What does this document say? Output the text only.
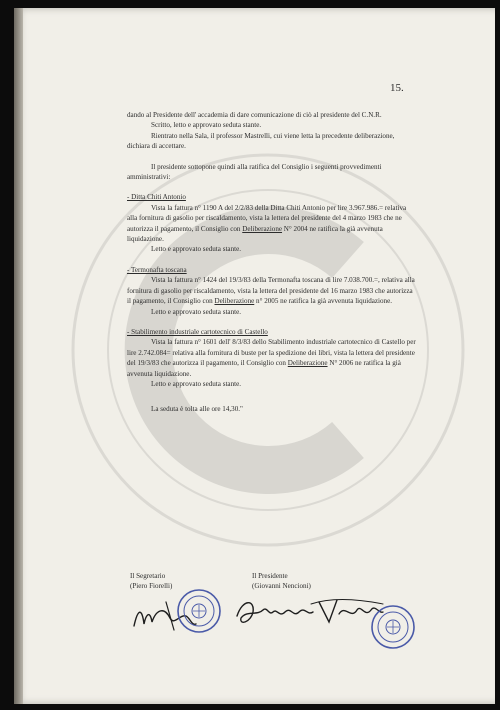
15.

dando al Presidente dell' accademia di dare comunicazione di ciò al presidente del C.N.R.

Scritto, letto e approvato seduta stante.

Rientrato nella Sala, il professor Mastrelli, cui viene letta la precedente deliberazione, dichiara di accettare.

Il presidente sottopone quindi alla ratifica del Consiglio i seguenti provvedimenti amministrativi:

- Ditta Chiti Antonio

Vista la fattura n° 1190 A del 2/2/83 della Ditta Chiti Antonio per lire 3.967.986.= relativa alla fornitura di gasolio per riscaldamento, vista la lettera del presidente del 4 marzo 1983 che ne autorizza il pagamento, il Consiglio con Deliberazione N° 2004 ne ratifica la già avvenuta liquidazione.

Letto e approvato seduta stante.

- Termonafta toscana

Vista la fattura n° 1424 del 19/3/83 della Termonafta toscana di lire 7.038.700.=, relativa alla fornitura di gasolio per riscaldamento, vista la lettera del presidente del 16 marzo 1983 che autorizza il pagamento, il Consiglio con Deliberazione n° 2005 ne ratifica la già avvenuta liquidazione.

Letto e approvato seduta stante.

- Stabilimento industriale cartotecnico di Castello

Vista la fattura n° 1601 dell' 8/3/83 dello Stabilimento industriale cartotecnico di Castello per lire 2.742.084= relativa alla fornitura di buste per la spedizione dei libri, vista la lettera del presidente del 19/3/83 che autorizza il pagamento, il Consiglio con Deliberazione N° 2006 ne ratifica la già avvenuta liquidazione.

Letto e approvato seduta stante.

La seduta è tolta alle ore 14,30."

Il Segretario
(Piero Fiorelli)
Il Presidente
(Giovanni Nencioni)
